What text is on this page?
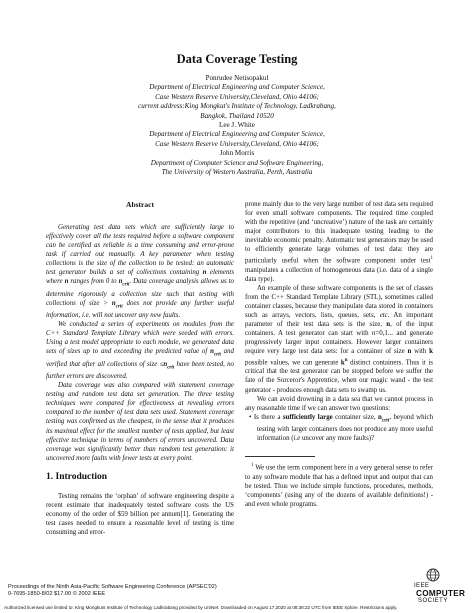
Data Coverage Testing
Ponrudee Netisopakul
Department of Electrical Engineering and Computer Science,
Case Western Reserve University,Cleveland, Ohio 44106;
current address:King Mongkut's Institute of Technology, Ladkrabang,
Bangkok, Thailand 10520
Lee J. White
Department of Electrical Engineering and Computer Science,
Case Western Reserve University,Cleveland, Ohio 44106;
John Morris
Department of Computer Science and Software Engineering,
The University of Western Australia, Perth, Australia
Abstract

Generating test data sets which are sufficiently large to effectively cover all the tests required before a software component can be certified as reliable is a time consuming and error-prone task if carried out manually. A key parameter when testing collections is the size of the collection to be tested: an automatic test generator builds a set of collections containing n elements where n ranges from 0 to $n_{crit}$. Data coverage analysis allows us to determine rigorously a collection size such that testing with collections of size > $n_{crit}$ does not provide any further useful information, i.e. will not uncover any new faults.

We conducted a series of experiments on modules from the C++ Standard Template Library which were seeded with errors. Using a test model appropriate to each module, we generated data sets of sizes up to and exceeding the predicted value of $n_{crit}$ and verified that after all collections of size $\le n_{crit}$ have been tested, no further errors are discovered.

Data coverage was also compared with statement coverage testing and random test data set generation. The three testing techniques were compared for effectiveness at revealing errors compared to the number of test data sets used. Statement coverage testing was confirmed as the cheapest, in the sense that it produces its maximal effect for the smallest number of tests applied, but least effective technique in terms of numbers of errors uncovered. Data coverage was significantly better than random test generation: it uncovered more faults with fewer tests at every point.

1. Introduction

Testing remains the ‘orphan’ of software engineering despite a recent estimate that inadequately tested software costs the US economy of the order of $59 billion per annum[1]. Generating the test cases needed to ensure a reasonable level of testing is time consuming and error-

prone mainly due to the very large number of test data sets required for even small software components. The required time coupled with the repetitive (and ‘uncreative’) nature of the task are certainly major contributors to this inadequate testing leading to the inevitable economic penalty. Automatic test generators may be used to efficiently generate large volumes of test data: they are particularly useful when the software component under test$^1$ manipulates a collection of homogeneous data (i.e. data of a single data type).

An example of these software components is the set of classes from the C++ Standard Template Library (STL), sometimes called container classes, because they manipulate data stored in containers such as arrays, vectors, lists, queues, sets, etc. An important parameter of their test data sets is the size, n, of the input containers. A test generator can start with n=0,1... and generate progressively larger input containers. However larger containers require very large test data sets: for a container of size n with k possible values, we can generate $k^n$ distinct containers. Thus it is critical that the test generator can be stopped before we suffer the fate of the Sorceror's Apprentice, when our magic wand - the test generator - produces enough data sets to swamp us.

We can avoid drowning in a data sea that we cannot process in any reasonable time if we can answer two questions:

• Is there a sufficiently large container size, $n_{crit}$, beyond which testing with larger containers does not produce any more useful information (i.e uncover any more faults)?

$^1$ We use the term component here in a very general sense to refer to any software module that has a defined input and output that can be tested. Thus we include simple functions, procedures, methods, ‘components’ (using any of the dozens of available definitions!) - and even whole programs.

Proceedings of the Ninth Asia-Pacific Software Engineering Conference (APSEC'02)
0-7695-1850-8/02 $17.00 © 2002 IEEE
IEEE
COMPUTER
SOCIETY
Authorized licensed use limited to: King Mongkuts Institute of Technology Ladkrabang provided by UniNet. Downloaded on August 17,2020 at 08:38:22 UTC from IEEE Xplore. Restrictions apply.
